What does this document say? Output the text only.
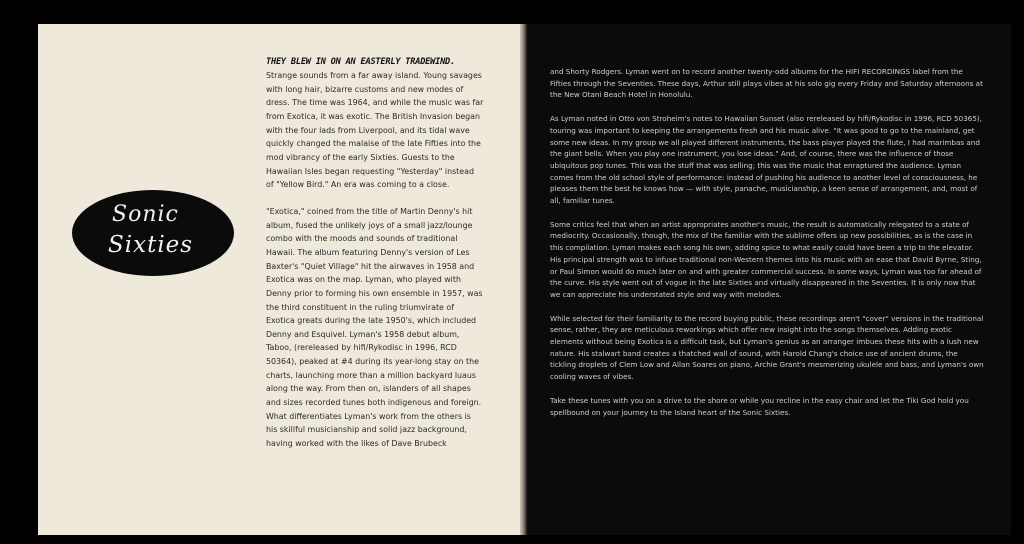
Sonic
Sixties
THEY BLEW IN ON AN EASTERLY TRADEWIND.

Strange sounds from a far away island. Young savages with long hair, bizarre customs and new modes of dress. The time was 1964, and while the music was far from Exotica, it was exotic. The British Invasion began with the four lads from Liverpool, and its tidal wave quickly changed the malaise of the late Fifties into the mod vibrancy of the early Sixties. Guests to the Hawaiian Isles began requesting "Yesterday" instead of "Yellow Bird." An era was coming to a close.

"Exotica," coined from the title of Martin Denny's hit album, fused the unlikely joys of a small jazz/lounge combo with the moods and sounds of traditional Hawaii. The album featuring Denny's version of Les Baxter's "Quiet Village" hit the airwaves in 1958 and Exotica was on the map. Lyman, who played with Denny prior to forming his own ensemble in 1957, was the third constituent in the ruling triumvirate of Exotica greats during the late 1950's, which included Denny and Esquivel. Lyman's 1958 debut album, Taboo, (rereleased by hifi/Rykodisc in 1996, RCD 50364), peaked at #4 during its year-long stay on the charts, launching more than a million backyard luaus along the way. From then on, islanders of all shapes and sizes recorded tunes both indigenous and foreign. What differentiates Lyman's work from the others is his skillful musicianship and solid jazz background, having worked with the likes of Dave Brubeck

and Shorty Rodgers. Lyman went on to record another twenty-odd albums for the HIFI RECORDINGS label from the Fifties through the Seventies. These days, Arthur still plays vibes at his solo gig every Friday and Saturday afternoons at the New Otani Beach Hotel in Honolulu.

As Lyman noted in Otto von Stroheim's notes to Hawaiian Sunset (also rereleased by hifi/Rykodisc in 1996, RCD 50365), touring was important to keeping the arrangements fresh and his music alive. "It was good to go to the mainland, get some new ideas. In my group we all played different instruments, the bass player played the flute, I had marimbas and the giant bells. When you play one instrument, you lose ideas." And, of course, there was the influence of those ubiquitous pop tunes. This was the stuff that was selling; this was the music that enraptured the audience. Lyman comes from the old school style of performance: instead of pushing his audience to another level of consciousness, he pleases them the best he knows how — with style, panache, musicianship, a keen sense of arrangement, and, most of all, familiar tunes.

Some critics feel that when an artist appropriates another's music, the result is automatically relegated to a state of mediocrity. Occasionally, though, the mix of the familiar with the sublime offers up new possibilities, as is the case in this compilation. Lyman makes each song his own, adding spice to what easily could have been a trip to the elevator. His principal strength was to infuse traditional non-Western themes into his music with an ease that David Byrne, Sting, or Paul Simon would do much later on and with greater commercial success. In some ways, Lyman was too far ahead of the curve. His style went out of vogue in the late Sixties and virtually disappeared in the Seventies. It is only now that we can appreciate his understated style and way with melodies.

While selected for their familiarity to the record buying public, these recordings aren't "cover" versions in the traditional sense, rather, they are meticulous reworkings which offer new insight into the songs themselves. Adding exotic elements without being Exotica is a difficult task, but Lyman's genius as an arranger imbues these hits with a lush new nature. His stalwart band creates a thatched wall of sound, with Harold Chang's choice use of ancient drums, the tickling droplets of Clem Low and Allan Soares on piano, Archie Grant's mesmerizing ukulele and bass, and Lyman's own cooling waves of vibes.

Take these tunes with you on a drive to the shore or while you recline in the easy chair and let the Tiki God hold you spellbound on your journey to the Island heart of the Sonic Sixties.
